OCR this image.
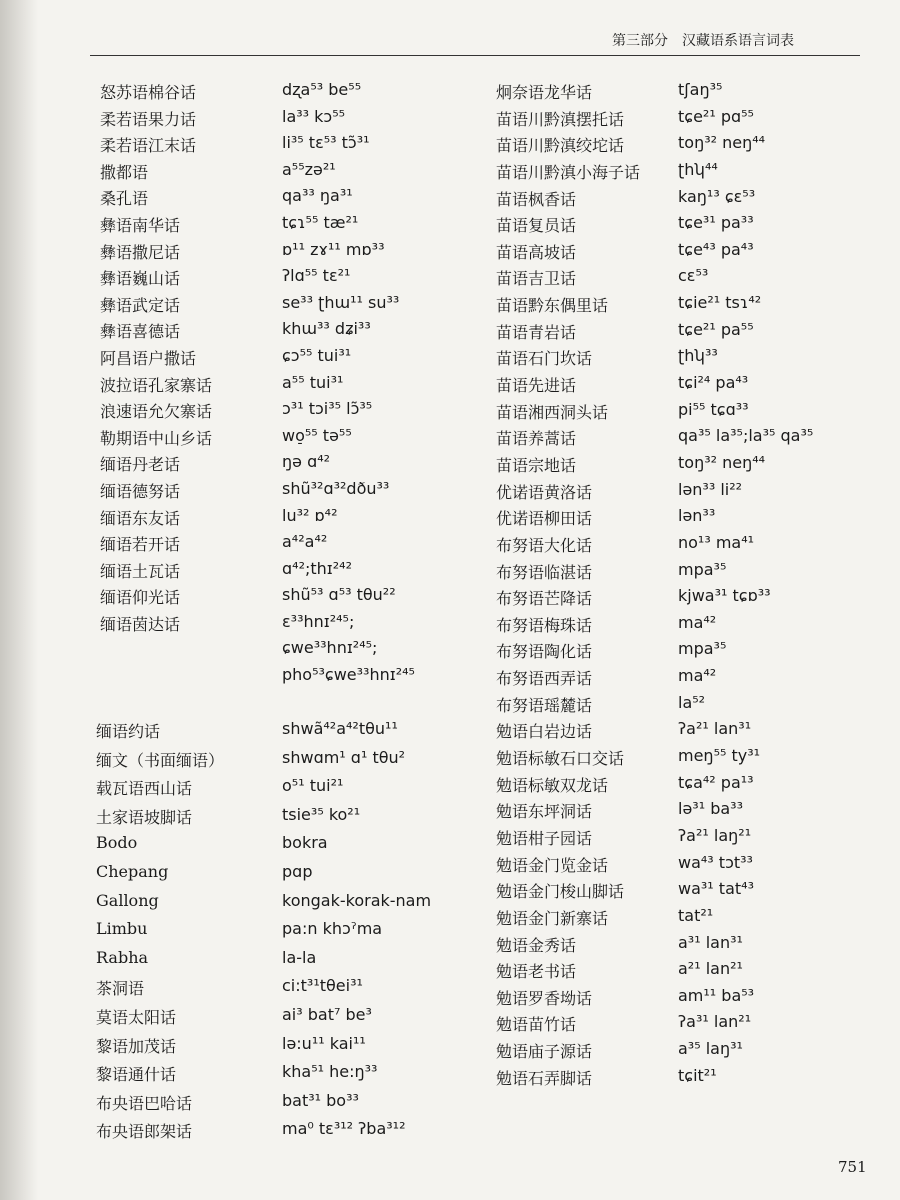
第三部分　汉藏语系语言词表
怒苏语棉谷话	dʐa⁵³ be⁵⁵
柔若语果力话	la³³ kɔ⁵⁵
柔若语江末话	li³⁵ tɛ⁵³ tɔ̃³¹
撒都语	a⁵⁵zə²¹
桑孔语	qa³³ ŋa³¹
彝语南华话	tɕɿ⁵⁵ tæ²¹
彝语撒尼话	ɒ¹¹ zɤ¹¹ mɒ³³
彝语巍山话	ʔlɑ⁵⁵ tɛ²¹
彝语武定话	se³³ ʈhɯ¹¹ su³³
彝语喜德话	khɯ³³ dʑi³³
阿昌语户撒话	ɕɔ⁵⁵ tui³¹
波拉语孔家寨话	a⁵⁵ tui³¹
浪速语允欠寨话	ɔ³¹ tɔi³⁵ lɔ̃³⁵
勒期语中山乡话	wo̠⁵⁵ tə⁵⁵
缅语丹老话	ŋə ɑ⁴²
缅语德努话	shũ³²ɑ³²dðu³³
缅语东友话	lu³² ɒ⁴²
缅语若开话	a⁴²a⁴²
缅语土瓦话	ɑ⁴²;thɪ²⁴²
缅语仰光话	shũ⁵³ ɑ⁵³ tθu²²
缅语茵达话	ɛ³³hnɪ²⁴⁵;
ɕwe³³hnɪ²⁴⁵;
pho⁵³ɕwe³³hnɪ²⁴⁵
缅语约话	shwã⁴²a⁴²tθu¹¹
缅文（书面缅语）	shwɑm¹ ɑ¹ tθu²
载瓦语西山话	o⁵¹ tui²¹
土家语坡脚话	tsie³⁵ ko²¹
Bodo	bokra
Chepang	pɑp
Gallong	kongak-korak-nam
Limbu	pa:n khɔˀma
Rabha	la-la
茶洞语	ci:t³¹tθei³¹
莫语太阳话	ai³ bat⁷ be³
黎语加茂话	lə:u¹¹ kai¹¹
黎语通什话	kha⁵¹ he:ŋ³³
布央语巴哈话	bat³¹ bo³³
布央语郎架话	ma⁰ tɛ³¹² ʔba³¹²
炯奈语龙华话	tʃaŋ³⁵
苗语川黔滇摆托话	tɕe²¹ pɑ⁵⁵
苗语川黔滇绞坨话	toŋ³² neŋ⁴⁴
苗语川黔滇小海子话 ʈhʮ⁴⁴
苗语枫香话	kaŋ¹³ ɕɛ⁵³
苗语复员话	tɕe³¹ pa³³
苗语高坡话	tɕe⁴³ pa⁴³
苗语吉卫话	cɛ⁵³
苗语黔东偶里话	tɕie²¹ tsɿ⁴²
苗语青岩话	tɕe²¹ pa⁵⁵
苗语石门坎话	ʈhʮ³³
苗语先进话	tɕi²⁴ pa⁴³
苗语湘西洞头话	pi⁵⁵ tɕɑ³³
苗语养蒿话	qa³⁵ la³⁵;la³⁵ qa³⁵
苗语宗地话	toŋ³² neŋ⁴⁴
优诺语黄洛话	lən³³ li²²
优诺语柳田话	lən³³
布努语大化话	no¹³ ma⁴¹
布努语临湛话	mpa³⁵
布努语芒降话	kjwa³¹ tɕɒ³³
布努语梅珠话	ma⁴²
布努语陶化话	mpa³⁵
布努语西弄话	ma⁴²
布努语瑶麓话	la⁵²
勉语白岩边话	ʔa²¹ lan³¹
勉语标敏石口交话	meŋ⁵⁵ ty³¹
勉语标敏双龙话	tɕa⁴² pa¹³
勉语东坪洞话	lə³¹ ba³³
勉语柑子园话	ʔa²¹ laŋ²¹
勉语金门览金话	wa⁴³ tɔt³³
勉语金门梭山脚话	wa³¹ tat⁴³
勉语金门新寨话	tat²¹
勉语金秀话	a³¹ lan³¹
勉语老书话	a²¹ lan²¹
勉语罗香坳话	am¹¹ ba⁵³
勉语苗竹话	ʔa³¹ lan²¹
勉语庙子源话	a³⁵ laŋ³¹
勉语石弄脚话	tɕit²¹
751
